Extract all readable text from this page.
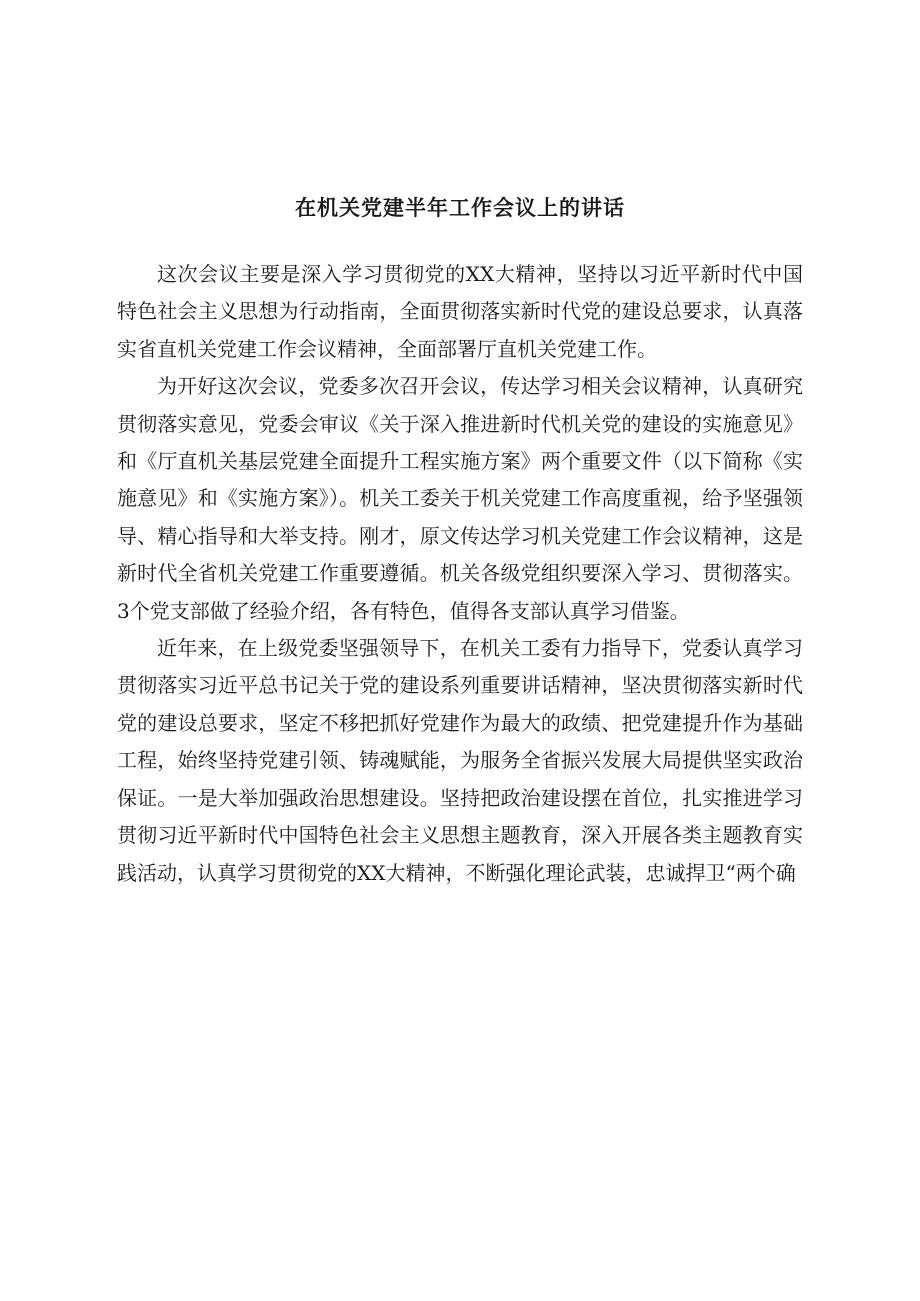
在机关党建半年工作会议上的讲话

这次会议主要是深入学习贯彻党的XX大精神，坚持以习近平新时代中国特色社会主义思想为行动指南，全面贯彻落实新时代党的建设总要求，认真落实省直机关党建工作会议精神，全面部署厅直机关党建工作。

为开好这次会议，党委多次召开会议，传达学习相关会议精神，认真研究贯彻落实意见，党委会审议《关于深入推进新时代机关党的建设的实施意见》和《厅直机关基层党建全面提升工程实施方案》两个重要文件（以下简称《实施意见》和《实施方案》）。机关工委关于机关党建工作高度重视，给予坚强领导、精心指导和大举支持。刚才，原文传达学习机关党建工作会议精神，这是新时代全省机关党建工作重要遵循。机关各级党组织要深入学习、贯彻落实。3个党支部做了经验介绍，各有特色，值得各支部认真学习借鉴。

近年来，在上级党委坚强领导下，在机关工委有力指导下，党委认真学习贯彻落实习近平总书记关于党的建设系列重要讲话精神，坚决贯彻落实新时代党的建设总要求，坚定不移把抓好党建作为最大的政绩、把党建提升作为基础工程，始终坚持党建引领、铸魂赋能，为服务全省振兴发展大局提供坚实政治保证。一是大举加强政治思想建设。坚持把政治建设摆在首位，扎实推进学习贯彻习近平新时代中国特色社会主义思想主题教育，深入开展各类主题教育实践活动，认真学习贯彻党的XX大精神，不断强化理论武装，忠诚捍卫“两个确
